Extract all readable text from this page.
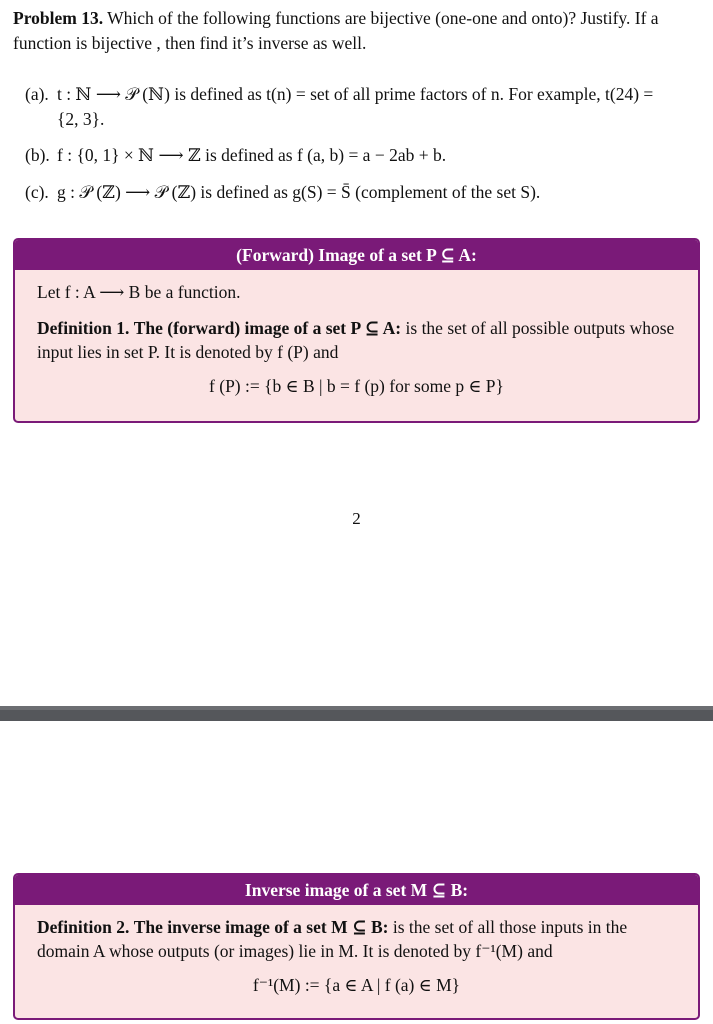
Problem 13. Which of the following functions are bijective (one-one and onto)? Justify. If a function is bijective , then find it’s inverse as well.
(a). t : ℕ ⟶ 𝒫 (ℕ) is defined as t(n) = set of all prime factors of n. For example, t(24) =
{2, 3}.
(b). f : {0, 1} × ℕ ⟶ ℤ is defined as f (a, b) = a − 2ab + b.
(c). g : 𝒫 (ℤ) ⟶ 𝒫 (ℤ) is defined as g(S) = S̄ (complement of the set S).
(Forward) Image of a set P ⊆ A:
Let f : A ⟶ B be a function.
Definition 1. The (forward) image of a set P ⊆ A: is the set of all possible outputs whose input lies in set P. It is denoted by f (P) and
f (P) := {b ∈ B | b = f (p) for some p ∈ P}
2
Inverse image of a set M ⊆ B:
Definition 2. The inverse image of a set M ⊆ B: is the set of all those inputs in the domain A whose outputs (or images) lie in M. It is denoted by f⁻¹(M) and
f⁻¹(M) := {a ∈ A | f (a) ∈ M}
